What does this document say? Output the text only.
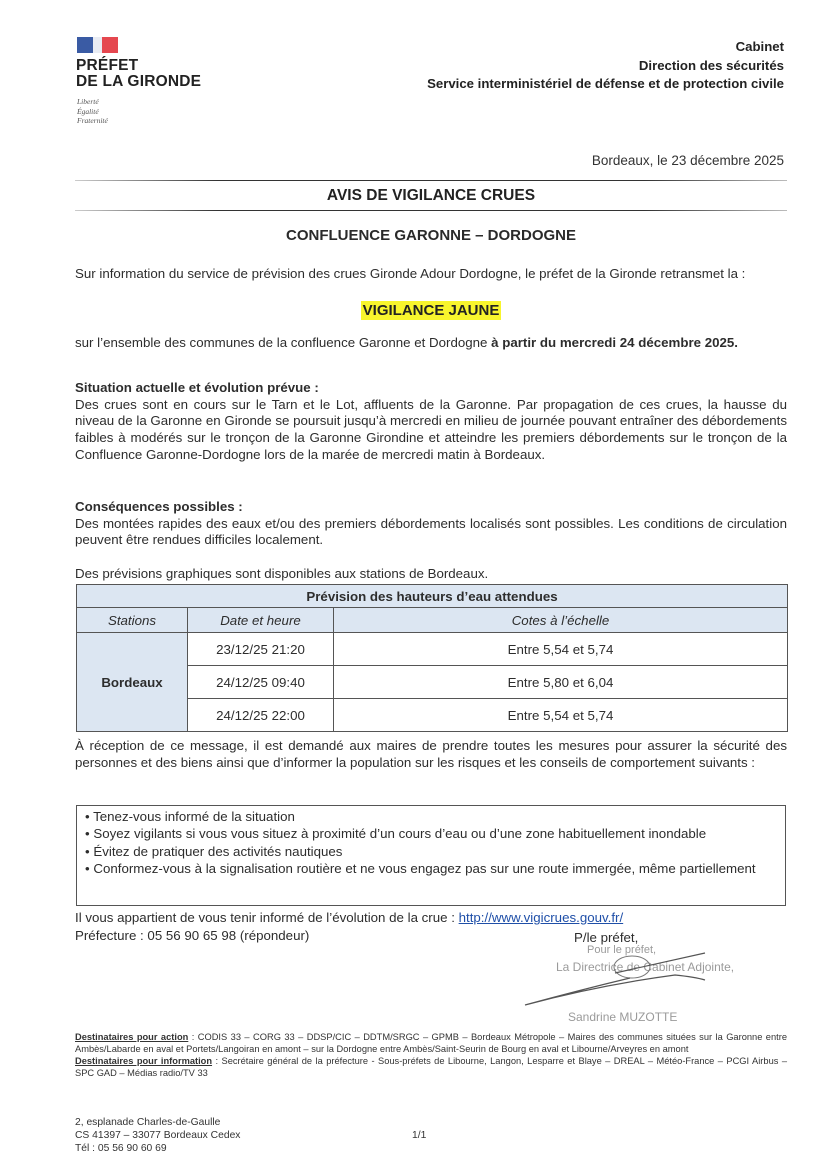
PRÉFET
DE LA GIRONDE
Liberté
Égalité
Fraternité
Cabinet
Direction des sécurités
Service interministériel de défense et de protection civile
Bordeaux, le 23 décembre 2025
AVIS DE VIGILANCE CRUES
CONFLUENCE GARONNE – DORDOGNE
Sur information du service de prévision des crues Gironde Adour Dordogne, le préfet de la Gironde retransmet la :
VIGILANCE JAUNE
sur l’ensemble des communes de la confluence Garonne et Dordogne à partir du mercredi 24 décembre 2025.
Situation actuelle et évolution prévue :
Des crues sont en cours sur le Tarn et le Lot, affluents de la Garonne. Par propagation de ces crues, la hausse du niveau de la Garonne en Gironde se poursuit jusqu’à mercredi en milieu de journée pouvant entraîner des débordements faibles à modérés sur le tronçon de la Garonne Girondine et atteindre les premiers débordements sur le tronçon de la Confluence Garonne-Dordogne lors de la marée de mercredi matin à Bordeaux.
Conséquences possibles :
Des montées rapides des eaux et/ou des premiers débordements localisés sont possibles. Les conditions de circulation peuvent être rendues difficiles localement.
Des prévisions graphiques sont disponibles aux stations de Bordeaux.
Prévision des hauteurs d’eau attendues		
Stations	Date et heure	Cotes à l’échelle
Bordeaux	23/12/25 21:20	Entre 5,54 et 5,74
	24/12/25 09:40	Entre 5,80 et 6,04
	24/12/25 22:00	Entre 5,54 et 5,74
À réception de ce message, il est demandé aux maires de prendre toutes les mesures pour assurer la sécurité des personnes et des biens ainsi que d’informer la population sur les risques et les conseils de comportement suivants :
• Tenez-vous informé de la situation
• Soyez vigilants si vous vous situez à proximité d’un cours d’eau ou d’une zone habituellement inondable
• Évitez de pratiquer des activités nautiques
• Conformez-vous à la signalisation routière et ne vous engagez pas sur une route immergée, même partiellement
Il vous appartient de vous tenir informé de l’évolution de la crue : http://www.vigicrues.gouv.fr/
Préfecture : 05 56 90 65 98 (répondeur)	P/le préfet,
Pour le préfet,
La Directrice de Cabinet Adjointe,
Sandrine MUZOTTE
Destinataires pour action : CODIS 33 – CORG 33 – DDSP/CIC – DDTM/SRGC – GPMB – Bordeaux Métropole – Maires des communes situées sur la Garonne entre Ambès/Labarde en aval et Portets/Langoiran en amont – sur la Dordogne entre Ambès/Saint-Seurin de Bourg en aval et Libourne/Arveyres en amont
Destinataires pour information : Secrétaire général de la préfecture - Sous-préfets de Libourne, Langon, Lesparre et Blaye – DREAL – Météo-France – PCGI Airbus – SPC GAD – Médias radio/TV 33
2, esplanade Charles-de-Gaulle
CS 41397 – 33077 Bordeaux Cedex
Tél : 05 56 90 60 69
1/1
